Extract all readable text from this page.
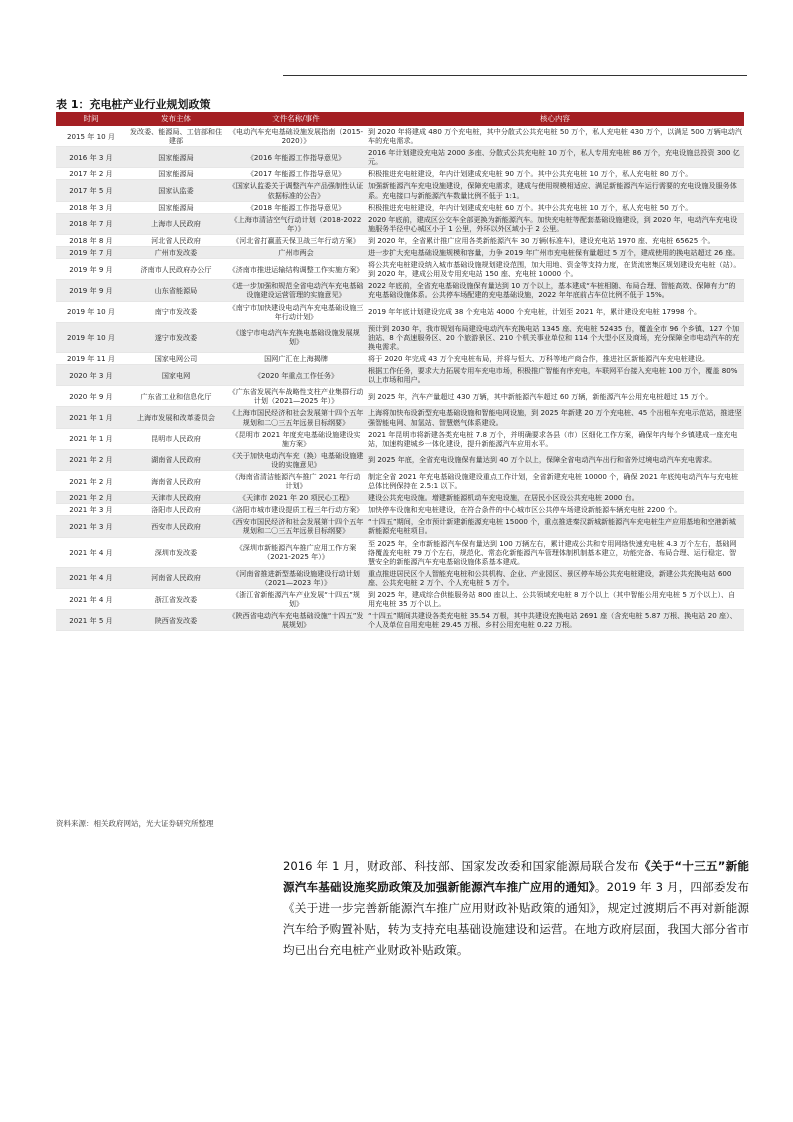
表 1：充电桩产业行业规划政策
时间	发布主体	文件名称/事件	核心内容
2015 年 10 月	发改委、能源局、工信部和住建部	《电动汽车充电基础设施发展指南（2015-2020）》	到 2020 年将建成 480 万个充电桩，其中分散式公共充电桩 50 万个，私人充电桩 430 万个，以满足 500 万辆电动汽车的充电需求。
2016 年 3 月	国家能源局	《2016 年能源工作指导意见》	2016 年计划建设充电站 2000 多座、分散式公共充电桩 10 万个，私人专用充电桩 86 万个，充电设施总投资 300 亿元。
2017 年 2 月	国家能源局	《2017 年能源工作指导意见》	积极推进充电桩建设，年内计划建成充电桩 90 万个。其中公共充电桩 10 万个，私人充电桩 80 万个。
2017 年 5 月	国家认监委	《国家认监委关于调整汽车产品强制性认证依据标准的公告》	加强新能源汽车充电设施建设，保障充电需求，建成与使用规模相适应、满足新能源汽车运行需要的充电设施及服务体系。充电接口与新能源汽车数量比例不低于 1:1。
2018 年 3 月	国家能源局	《2018 年能源工作指导意见》	积极推进充电桩建设，年内计划建成充电桩 60 万个。其中公共充电桩 10 万个，私人充电桩 50 万个。
2018 年 7 月	上海市人民政府	《上海市清洁空气行动计划（2018-2022 年）》	2020 年底前，建成区公交车全部更换为新能源汽车。加快充电桩等配套基础设施建设，到 2020 年，电动汽车充电设施服务半径中心城区小于 1 公里，外环以外区域小于 2 公里。
2018 年 8 月	河北省人民政府	《河北省打赢蓝天保卫战三年行动方案》	到 2020 年，全省累计推广应用各类新能源汽车 30 万辆(标准车)，建设充电站 1970 座、充电桩 65625 个。
2019 年 7 月	广州市发改委	广州市两会	进一步扩大充电基础设施规模和容量，力争 2019 年广州市充电桩保有量超过 5 万个，建成使用的换电站超过 26 座。
2019 年 9 月	济南市人民政府办公厅	《济南市推进运输结构调整工作实施方案》	将公共充电桩建设纳入城市基础设施规划建设范围，加大用地、资金等支持力度，在货流密集区规划建设充电桩（站）。到 2020 年，建成公用及专用充电站 150 座、充电桩 10000 个。
2019 年 9 月	山东省能源局	《进一步加强和规范全省电动汽车充电基础设施建设运营管理的实施意见》	2022 年底前，全省充电基础设施保有量达到 10 万个以上，基本建成“车桩相随、布局合理、智能高效、保障有力”的充电基础设施体系。公共停车场配建的充电基础设施，2022 年年底前占车位比例不低于 15%。
2019 年 10 月	南宁市发改委	《南宁市加快建设电动汽车充电基础设施三年行动计划》	2019 年年底计划建设完成 38 个充电站 4000 个充电桩，计划至 2021 年，累计建设充电桩 17998 个。
2019 年 10 月	遂宁市发改委	《遂宁市电动汽车充换电基础设施发展规划》	预计到 2030 年，我市规划布局建设电动汽车充换电站 1345 座、充电桩 52435 台，覆盖全市 96 个乡镇、127 个加油站、8 个高速服务区、20 个旅游景区、210 个机关事业单位和 114 个大型小区及商场，充分保障全市电动汽车的充换电需求。
2019 年 11 月	国家电网公司	国网广汇在上海揭牌	将于 2020 年完成 43 万个充电桩布局，并将与恒大、万科等地产商合作，推进社区新能源汽车充电桩建设。
2020 年 3 月	国家电网	《2020 年重点工作任务》	根据工作任务，要求大力拓展专用车充电市场，积极推广智能有序充电，车联网平台接入充电桩 100 万个，覆盖 80% 以上市场和用户。
2020 年 9 月	广东省工业和信息化厅	《广东省发展汽车战略性支柱产业集群行动计划（2021—2025 年）》	到 2025 年，汽车产量超过 430 万辆，其中新能源汽车超过 60 万辆，新能源汽车公用充电桩超过 15 万个。
2021 年 1 月	上海市发展和改革委员会	《上海市国民经济和社会发展第十四个五年规划和二〇三五年远景目标纲要》	上海将加快布设新型充电基础设施和智能电网设施，到 2025 年新建 20 万个充电桩、45 个出租车充电示范站，推进坚强智能电网、加氢站、智慧燃气体系建设。
2021 年 1 月	昆明市人民政府	《昆明市 2021 年度充电基础设施建设实施方案》	2021 年昆明市将新建各类充电桩 7.8 万个，并明确要求各县（市）区细化工作方案，确保年内每个乡镇建成一座充电站，加速构建城乡一体化建设，提升新能源汽车应用水平。
2021 年 2 月	湖南省人民政府	《关于加快电动汽车充（换）电基础设施建设的实施意见》	到 2025 年底，全省充电设施保有量达到 40 万个以上，保障全省电动汽车出行和省外过境电动汽车充电需求。
2021 年 2 月	海南省人民政府	《海南省清洁能源汽车推广 2021 年行动计划》	制定全省 2021 年充电基础设施建设重点工作计划，全省新建充电桩 10000 个，确保 2021 年底纯电动汽车与充电桩总体比例保持在 2.5:1 以下。
2021 年 2 月	天津市人民政府	《天津市 2021 年 20 项民心工程》	建设公共充电设施。增建新能源机动车充电设施，在居民小区设公共充电桩 2000 台。
2021 年 3 月	洛阳市人民政府	《洛阳市城市建设提质工程三年行动方案》	加快停车设施和充电桩建设，在符合条件的中心城市区公共停车场建设新能源车辆充电桩 2200 个。
2021 年 3 月	西安市人民政府	《西安市国民经济和社会发展第十四个五年规划和二〇三五年远景目标纲要》	“十四五”期间，全市预计新建新能源充电桩 15000 个，重点推进秦汉新城新能源汽车充电桩生产应用基地和空港新城新能源充电桩项目。
2021 年 4 月	深圳市发改委	《深圳市新能源汽车推广应用工作方案（2021-2025 年）》	至 2025 年，全市新能源汽车保有量达到 100 万辆左右，累计建成公共和专用网络快速充电桩 4.3 万个左右，基础网络覆盖充电桩 79 万个左右，规范化、常态化新能源汽车管理体制机制基本建立，功能完备、布局合理、运行稳定、智慧安全的新能源汽车充电基础设施体系基本建成。
2021 年 4 月	河南省人民政府	《河南省推进新型基础设施建设行动计划（2021—2023 年）》	重点推进居民区个人智能充电桩和公共机构、企业、产业园区、景区停车场公共充电桩建设，新建公共充换电站 600 座、公共充电桩 2 万个、个人充电桩 5 万个。
2021 年 4 月	浙江省发改委	《浙江省新能源汽车产业发展“十四五”规划》	到 2025 年，建成综合供能服务站 800 座以上、公共领域充电桩 8 万个以上（其中智能公用充电桩 5 万个以上）、自用充电桩 35 万个以上。
2021 年 5 月	陕西省发改委	《陕西省电动汽车充电基础设施“十四五”发展规划》	“十四五”期间共建设各类充电桩 35.54 万根，其中共建设充换电站 2691 座（含充电桩 5.87 万根、换电站 20 座）、个人及单位自用充电桩 29.45 万根、乡村公用充电桩 0.22 万根。
资料来源：相关政府网站，光大证券研究所整理
2016 年 1 月，财政部、科技部、国家发改委和国家能源局联合发布《关于“十三五”新能源汽车基础设施奖励政策及加强新能源汽车推广应用的通知》。2019 年 3 月，四部委发布《关于进一步完善新能源汽车推广应用财政补贴政策的通知》，规定过渡期后不再对新能源汽车给予购置补贴，转为支持充电基础设施建设和运营。在地方政府层面，我国大部分省市均已出台充电桩产业财政补贴政策。
